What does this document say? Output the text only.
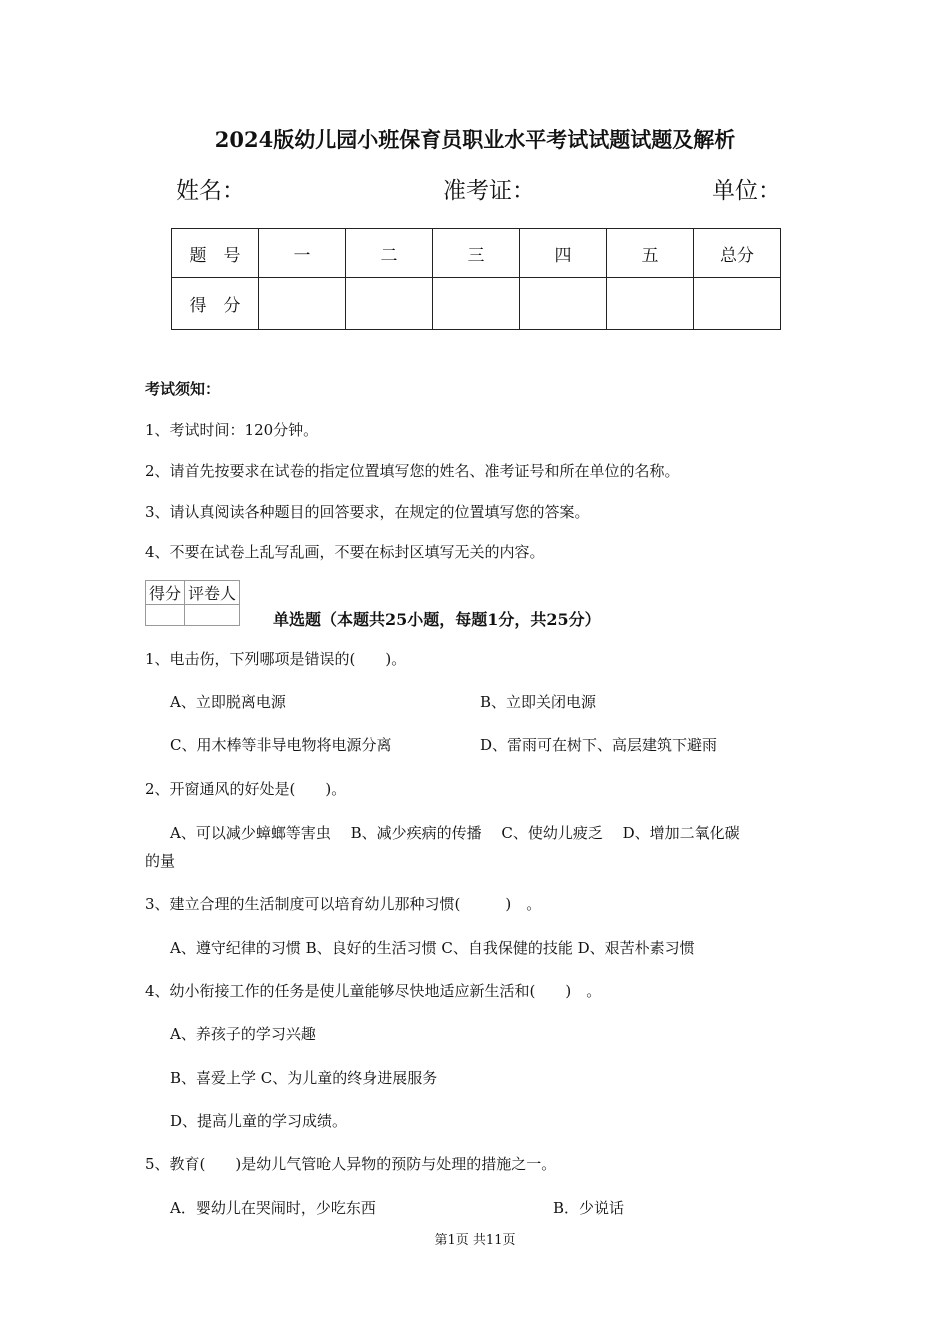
2024版幼儿园小班保育员职业水平考试试题试题及解析
姓名：	准考证：	单位：
题　号	一	二	三	四	五	总分
得　分						
考试须知：
1、考试时间：120分钟。
2、请首先按要求在试卷的指定位置填写您的姓名、准考证号和所在单位的名称。
3、请认真阅读各种题目的回答要求，在规定的位置填写您的答案。
4、不要在试卷上乱写乱画，不要在标封区填写无关的内容。
得分	评卷人

单选题（本题共25小题，每题1分，共25分）
1、电击伤，下列哪项是错误的(　　)。
A、立即脱离电源	B、立即关闭电源
C、用木棒等非导电物将电源分离	D、雷雨可在树下、高层建筑下避雨
2、开窗通风的好处是(　　)。
A、可以减少蟑螂等害虫　 B、减少疾病的传播　 C、使幼儿疲乏　 D、增加二氧化碳
的量
3、建立合理的生活制度可以培育幼儿那种习惯(　　　)　。
A、遵守纪律的习惯 B、良好的生活习惯 C、自我保健的技能 D、艰苦朴素习惯
4、幼小衔接工作的任务是使儿童能够尽快地适应新生活和(　　)　。
A、养孩子的学习兴趣
B、喜爱上学 C、为儿童的终身进展服务
D、提高儿童的学习成绩。
5、教育(　　)是幼儿气管呛人异物的预防与处理的措施之一。
A．婴幼儿在哭闹时，少吃东西	B．少说话
第1页 共11页
